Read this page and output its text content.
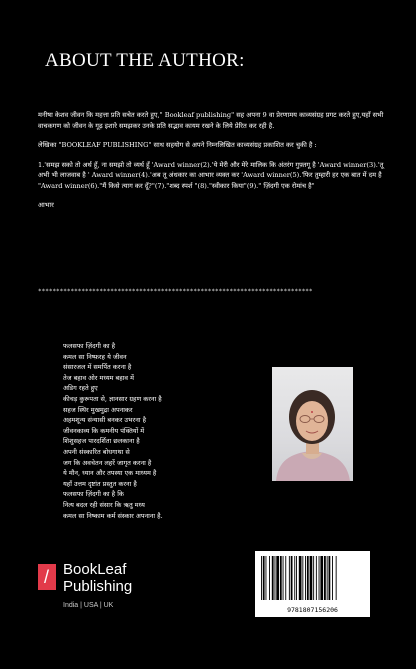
ABOUT THE AUTHOR:

मनीषा केशव जीवन कि महत्ता प्रति सचेत करते हुए," Bookleaf publishing" सह अपना 9 वा प्रेरणामय काव्यसंग्रह प्रगट करते हुए,यहाँ सभी वाचकगण को जीवन के गूढ़ इशारे समझकर उनके प्रति सद्भाव कायम रखने के लिये प्रेरित कर रही है.

लेखिका "BOOKLEAF PUBLISHING" साथ सहयोग से अपने निम्नलिखित काव्यसंग्रह प्रकाशित कर चुकी है :

1.'समझ सको तो अर्थ हूँ, ना समझो तो व्यर्थ हूँ 'Award winner(2).'ये मेरी और मेरे मालिक कि अंतरंग गुफ़्तगू है 'Award winner(3).'तू अभी भी लाजवाब है ' Award winner(4).'अब तू अंधकार का आभार व्यक्त कर 'Award winner(5).'फिर तुम्हारी हर एक बात में दम है "Award winner(6)."मैं किसे त्याग कर दूँ?"(7)."शब्द स्पर्श "(8)."स्वीकार किया"(9)." ज़िंदगी एक रोमांच है"

आभार

****************************************************************************
फलसफा ज़िंदगी का है
कमल सा निष्फ़रह ये जीवन
संसारजल में समर्पित करना है
तेज बहाव ओर मध्यम बहाव में
अडिग रहते हुए
कीचड़ कुरूपता से, ज्ञानसार ग्रहण करना है
सहज स्थिर मुखमुद्रा अपनाकर
अहमशून्य संन्यासी बनकर उभरना है
जीवनकाव्य कि कमनीय पंक्तियों में
शिशुसहज पारदर्शिता छलकाना है
अपनी संस्कारित बोधगाथा से
जग कि अवचेतन लहरें जागृत करना है
ये मौन, ध्यान और तपस्या एक माध्यम है
यहाँ उत्तम दृष्टांत प्रस्तुत करना है
फलसफा ज़िंदगी का है कि
नित्य बदल रही संसार कि ऋतु मध्य
कमल सा निष्काम कर्म संस्कार अपनाना है.
/ BookLeaf
Publishing
India | USA | UK
9781807156206
